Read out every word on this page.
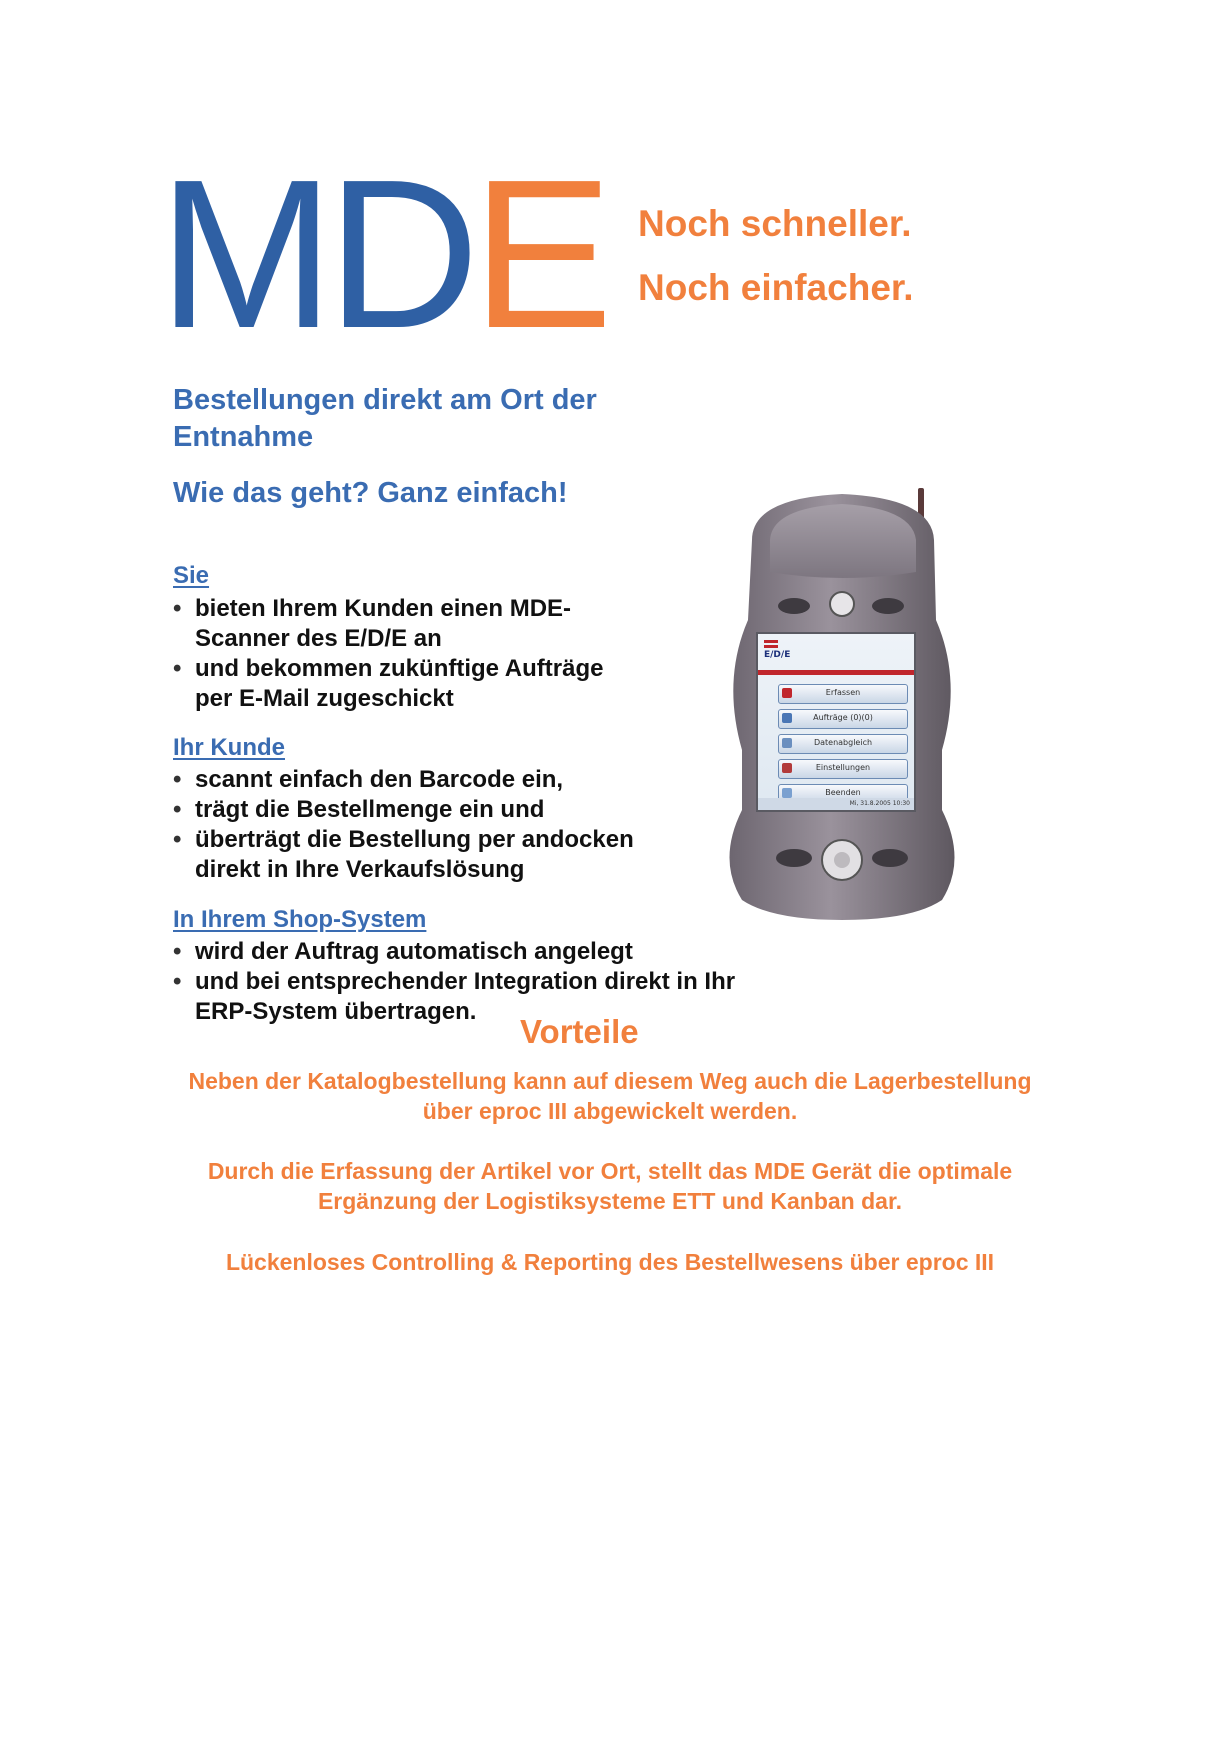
MDE Noch schneller.
Noch einfacher.
Bestellungen direkt am Ort der Entnahme
Wie das geht? Ganz einfach!
Sie
• bieten Ihrem Kunden einen MDE-Scanner des E/D/E an
• und bekommen zukünftige Aufträge per E-Mail zugeschickt
Ihr Kunde
• scannt einfach den Barcode ein,
• trägt die Bestellmenge ein und
• überträgt die Bestellung per andocken direkt in Ihre Verkaufslösung
In Ihrem Shop-System
• wird der Auftrag automatisch angelegt
• und bei entsprechender Integration direkt in Ihr ERP-System übertragen.
Vorteile
Neben der Katalogbestellung kann auf diesem Weg auch die Lagerbestellung über eproc III abgewickelt werden.
Durch die Erfassung der Artikel vor Ort, stellt das MDE Gerät die optimale Ergänzung der Logistiksysteme ETT und Kanban dar.
Lückenloses Controlling & Reporting des Bestellwesens über eproc III
E/D/E
Erfassen
Aufträge (0)(0)
Datenabgleich
Einstellungen
Beenden
Mi, 31.8.2005 10:30
